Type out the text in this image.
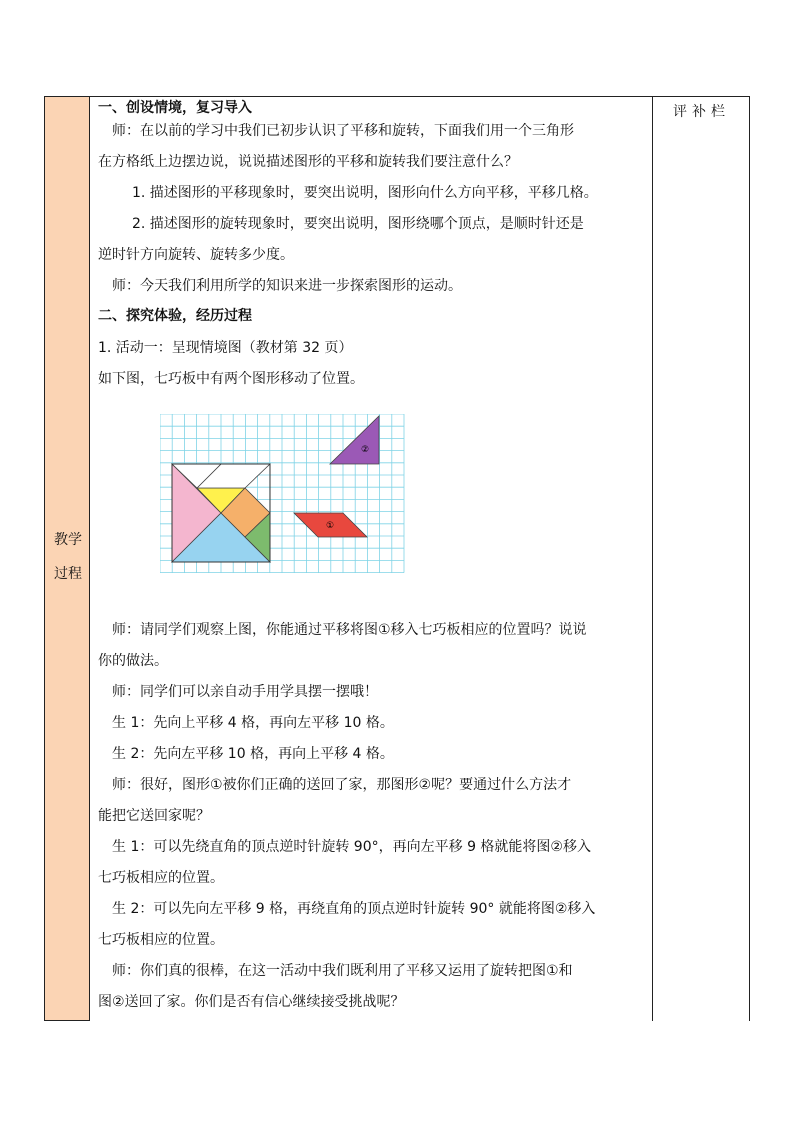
教学
过程
一、创设情境，复习导入
师：在以前的学习中我们已初步认识了平移和旋转，下面我们用一个三角形
在方格纸上边摆边说，说说描述图形的平移和旋转我们要注意什么？
1. 描述图形的平移现象时，要突出说明，图形向什么方向平移，平移几格。
2. 描述图形的旋转现象时，要突出说明，图形绕哪个顶点，是顺时针还是
逆时针方向旋转、旋转多少度。
师：今天我们利用所学的知识来进一步探索图形的运动。
二、探究体验，经历过程
1. 活动一：呈现情境图（教材第 32 页）
如下图，七巧板中有两个图形移动了位置。
②
①
师：请同学们观察上图，你能通过平移将图①移入七巧板相应的位置吗？说说
你的做法。
师：同学们可以亲自动手用学具摆一摆哦！
生 1：先向上平移 4 格，再向左平移 10 格。
生 2：先向左平移 10 格，再向上平移 4 格。
师：很好，图形①被你们正确的送回了家，那图形②呢？要通过什么方法才
能把它送回家呢？
生 1：可以先绕直角的顶点逆时针旋转 90°，再向左平移 9 格就能将图②移入
七巧板相应的位置。
生 2：可以先向左平移 9 格，再绕直角的顶点逆时针旋转 90° 就能将图②移入
七巧板相应的位置。
师：你们真的很棒，在这一活动中我们既利用了平移又运用了旋转把图①和
图②送回了家。你们是否有信心继续接受挑战呢？
评补栏
